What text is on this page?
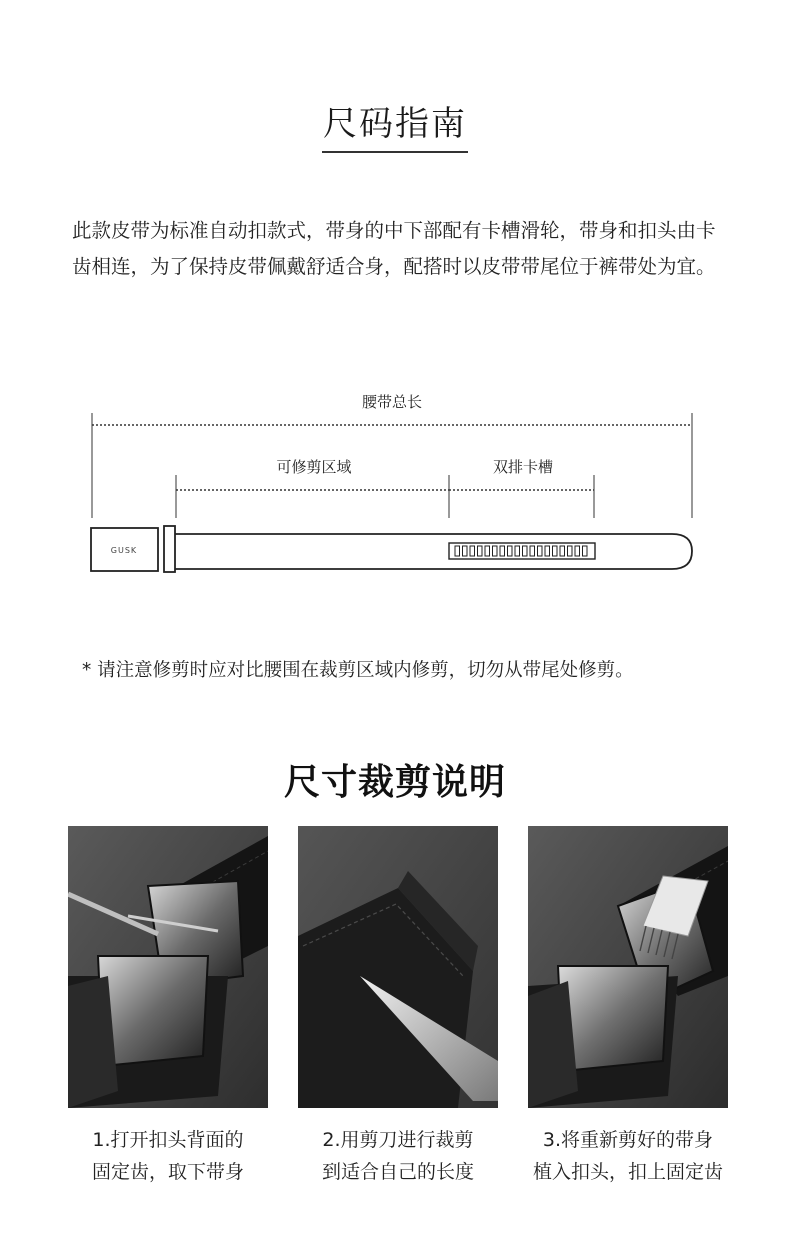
尺码指南
此款皮带为标准自动扣款式，带身的中下部配有卡槽滑轮，带身和扣头由卡齿相连，为了保持皮带佩戴舒适合身，配搭时以皮带带尾位于裤带处为宜。
腰带总长
可修剪区域	双排卡槽
GUSK
* 请注意修剪时应对比腰围在裁剪区域内修剪，切勿从带尾处修剪。
尺寸裁剪说明
1.打开扣头背面的
固定齿，取下带身
2.用剪刀进行裁剪
到适合自己的长度
3.将重新剪好的带身
植入扣头，扣上固定齿
